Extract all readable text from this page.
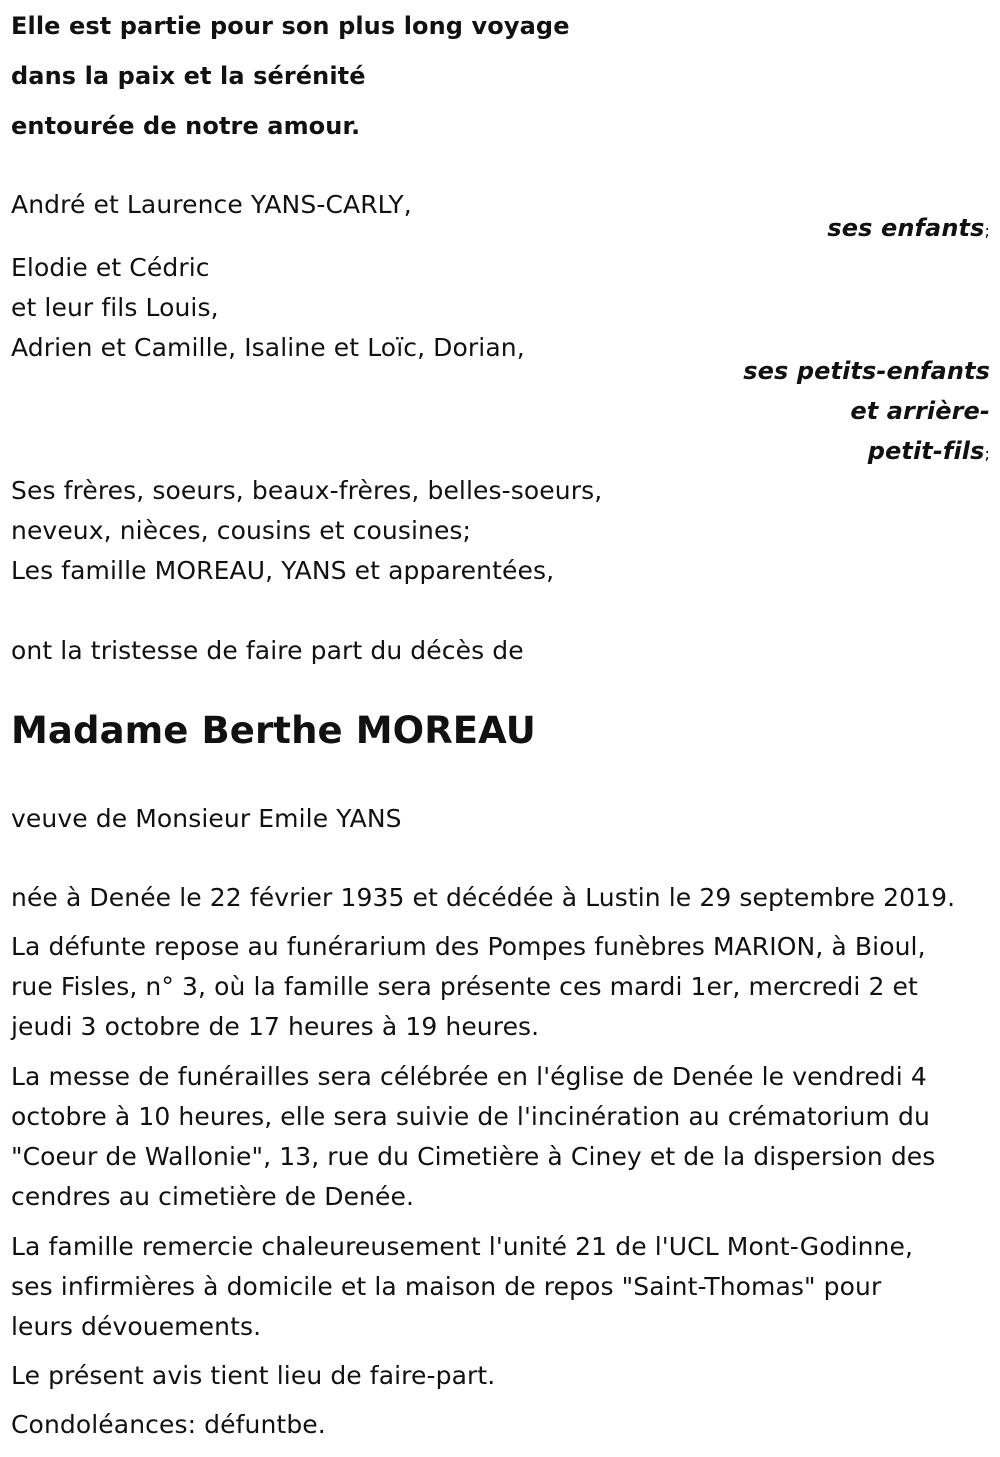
Elle est partie pour son plus long voyage
dans la paix et la sérénité
entourée de notre amour.
André et Laurence YANS-CARLY,
ses enfants;
Elodie et Cédric
et leur fils Louis,
Adrien et Camille, Isaline et Loïc, Dorian,
ses petits-enfants
et arrière-
petit-fils;
Ses frères, soeurs, beaux-frères, belles-soeurs,
neveux, nièces, cousins et cousines;
Les famille MOREAU, YANS et apparentées,
ont la tristesse de faire part du décès de
Madame Berthe MOREAU
veuve de Monsieur Emile YANS
née à Denée le 22 février 1935 et décédée à Lustin le 29 septembre 2019.
La défunte repose au funérarium des Pompes funèbres MARION, à Bioul,
rue Fisles, n° 3, où la famille sera présente ces mardi 1er, mercredi 2 et
jeudi 3 octobre de 17 heures à 19 heures.
La messe de funérailles sera célébrée en l'église de Denée le vendredi 4
octobre à 10 heures, elle sera suivie de l'incinération au crématorium du
"Coeur de Wallonie", 13, rue du Cimetière à Ciney et de la dispersion des
cendres au cimetière de Denée.
La famille remercie chaleureusement l'unité 21 de l'UCL Mont-Godinne,
ses infirmières à domicile et la maison de repos "Saint-Thomas" pour
leurs dévouements.
Le présent avis tient lieu de faire-part.
Condoléances: défuntbe.
